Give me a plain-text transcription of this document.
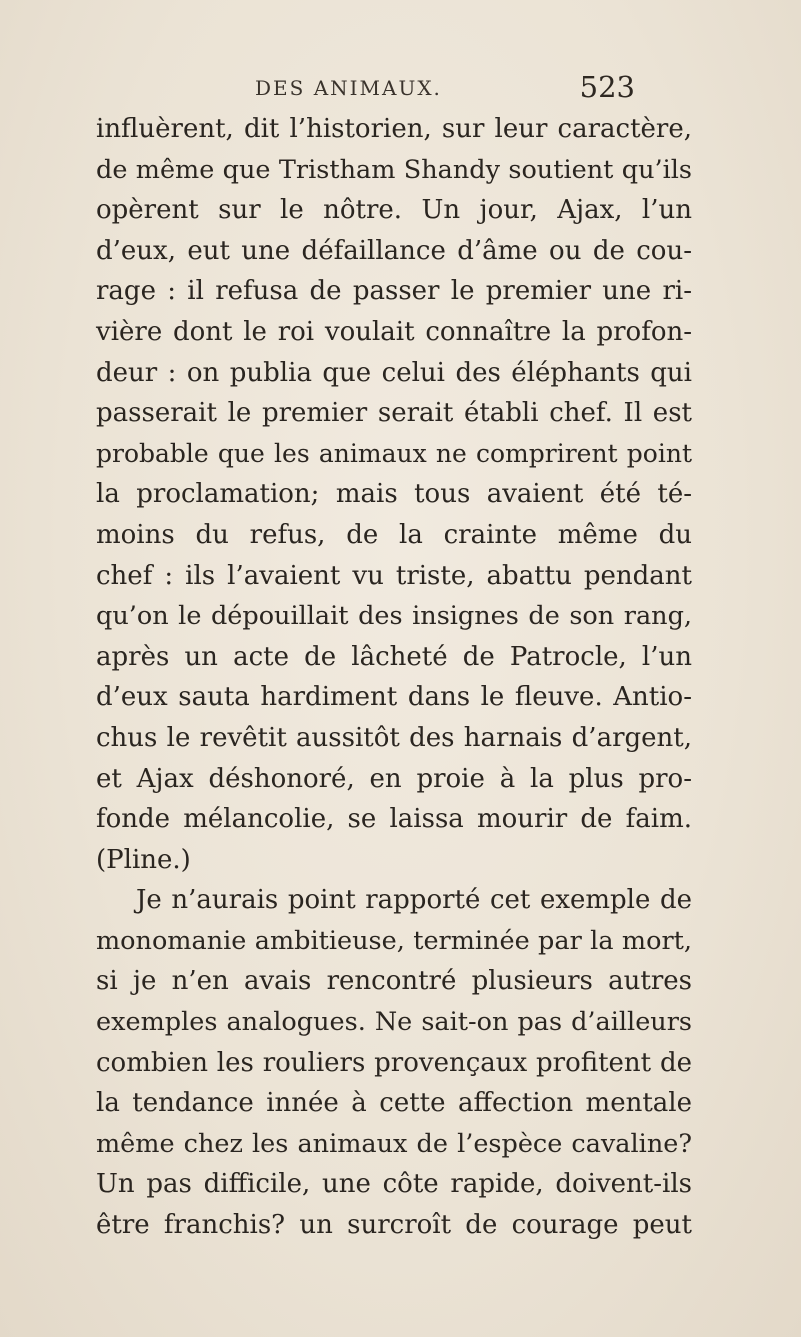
DES ANIMAUX.	523
influèrent, dit l’historien, sur leur caractère,
de même que Tristham Shandy soutient qu’ils
opèrent sur le nôtre. Un jour, Ajax, l’un
d’eux, eut une défaillance d’âme ou de cou-
rage : il refusa de passer le premier une ri-
vière dont le roi voulait connaître la profon-
deur : on publia que celui des éléphants qui
passerait le premier serait établi chef. Il est
probable que les animaux ne comprirent point
la proclamation; mais tous avaient été té-
moins du refus, de la crainte même du
chef : ils l’avaient vu triste, abattu pendant
qu’on le dépouillait des insignes de son rang,
après un acte de lâcheté de Patrocle, l’un
d’eux sauta hardiment dans le fleuve. Antio-
chus le revêtit aussitôt des harnais d’argent,
et Ajax déshonoré, en proie à la plus pro-
fonde mélancolie, se laissa mourir de faim.
(Pline.)
Je n’aurais point rapporté cet exemple de
monomanie ambitieuse, terminée par la mort,
si je n’en avais rencontré plusieurs autres
exemples analogues. Ne sait-on pas d’ailleurs
combien les rouliers provençaux profitent de
la tendance innée à cette affection mentale
même chez les animaux de l’espèce cavaline?
Un pas difficile, une côte rapide, doivent-ils
être franchis? un surcroît de courage peut
